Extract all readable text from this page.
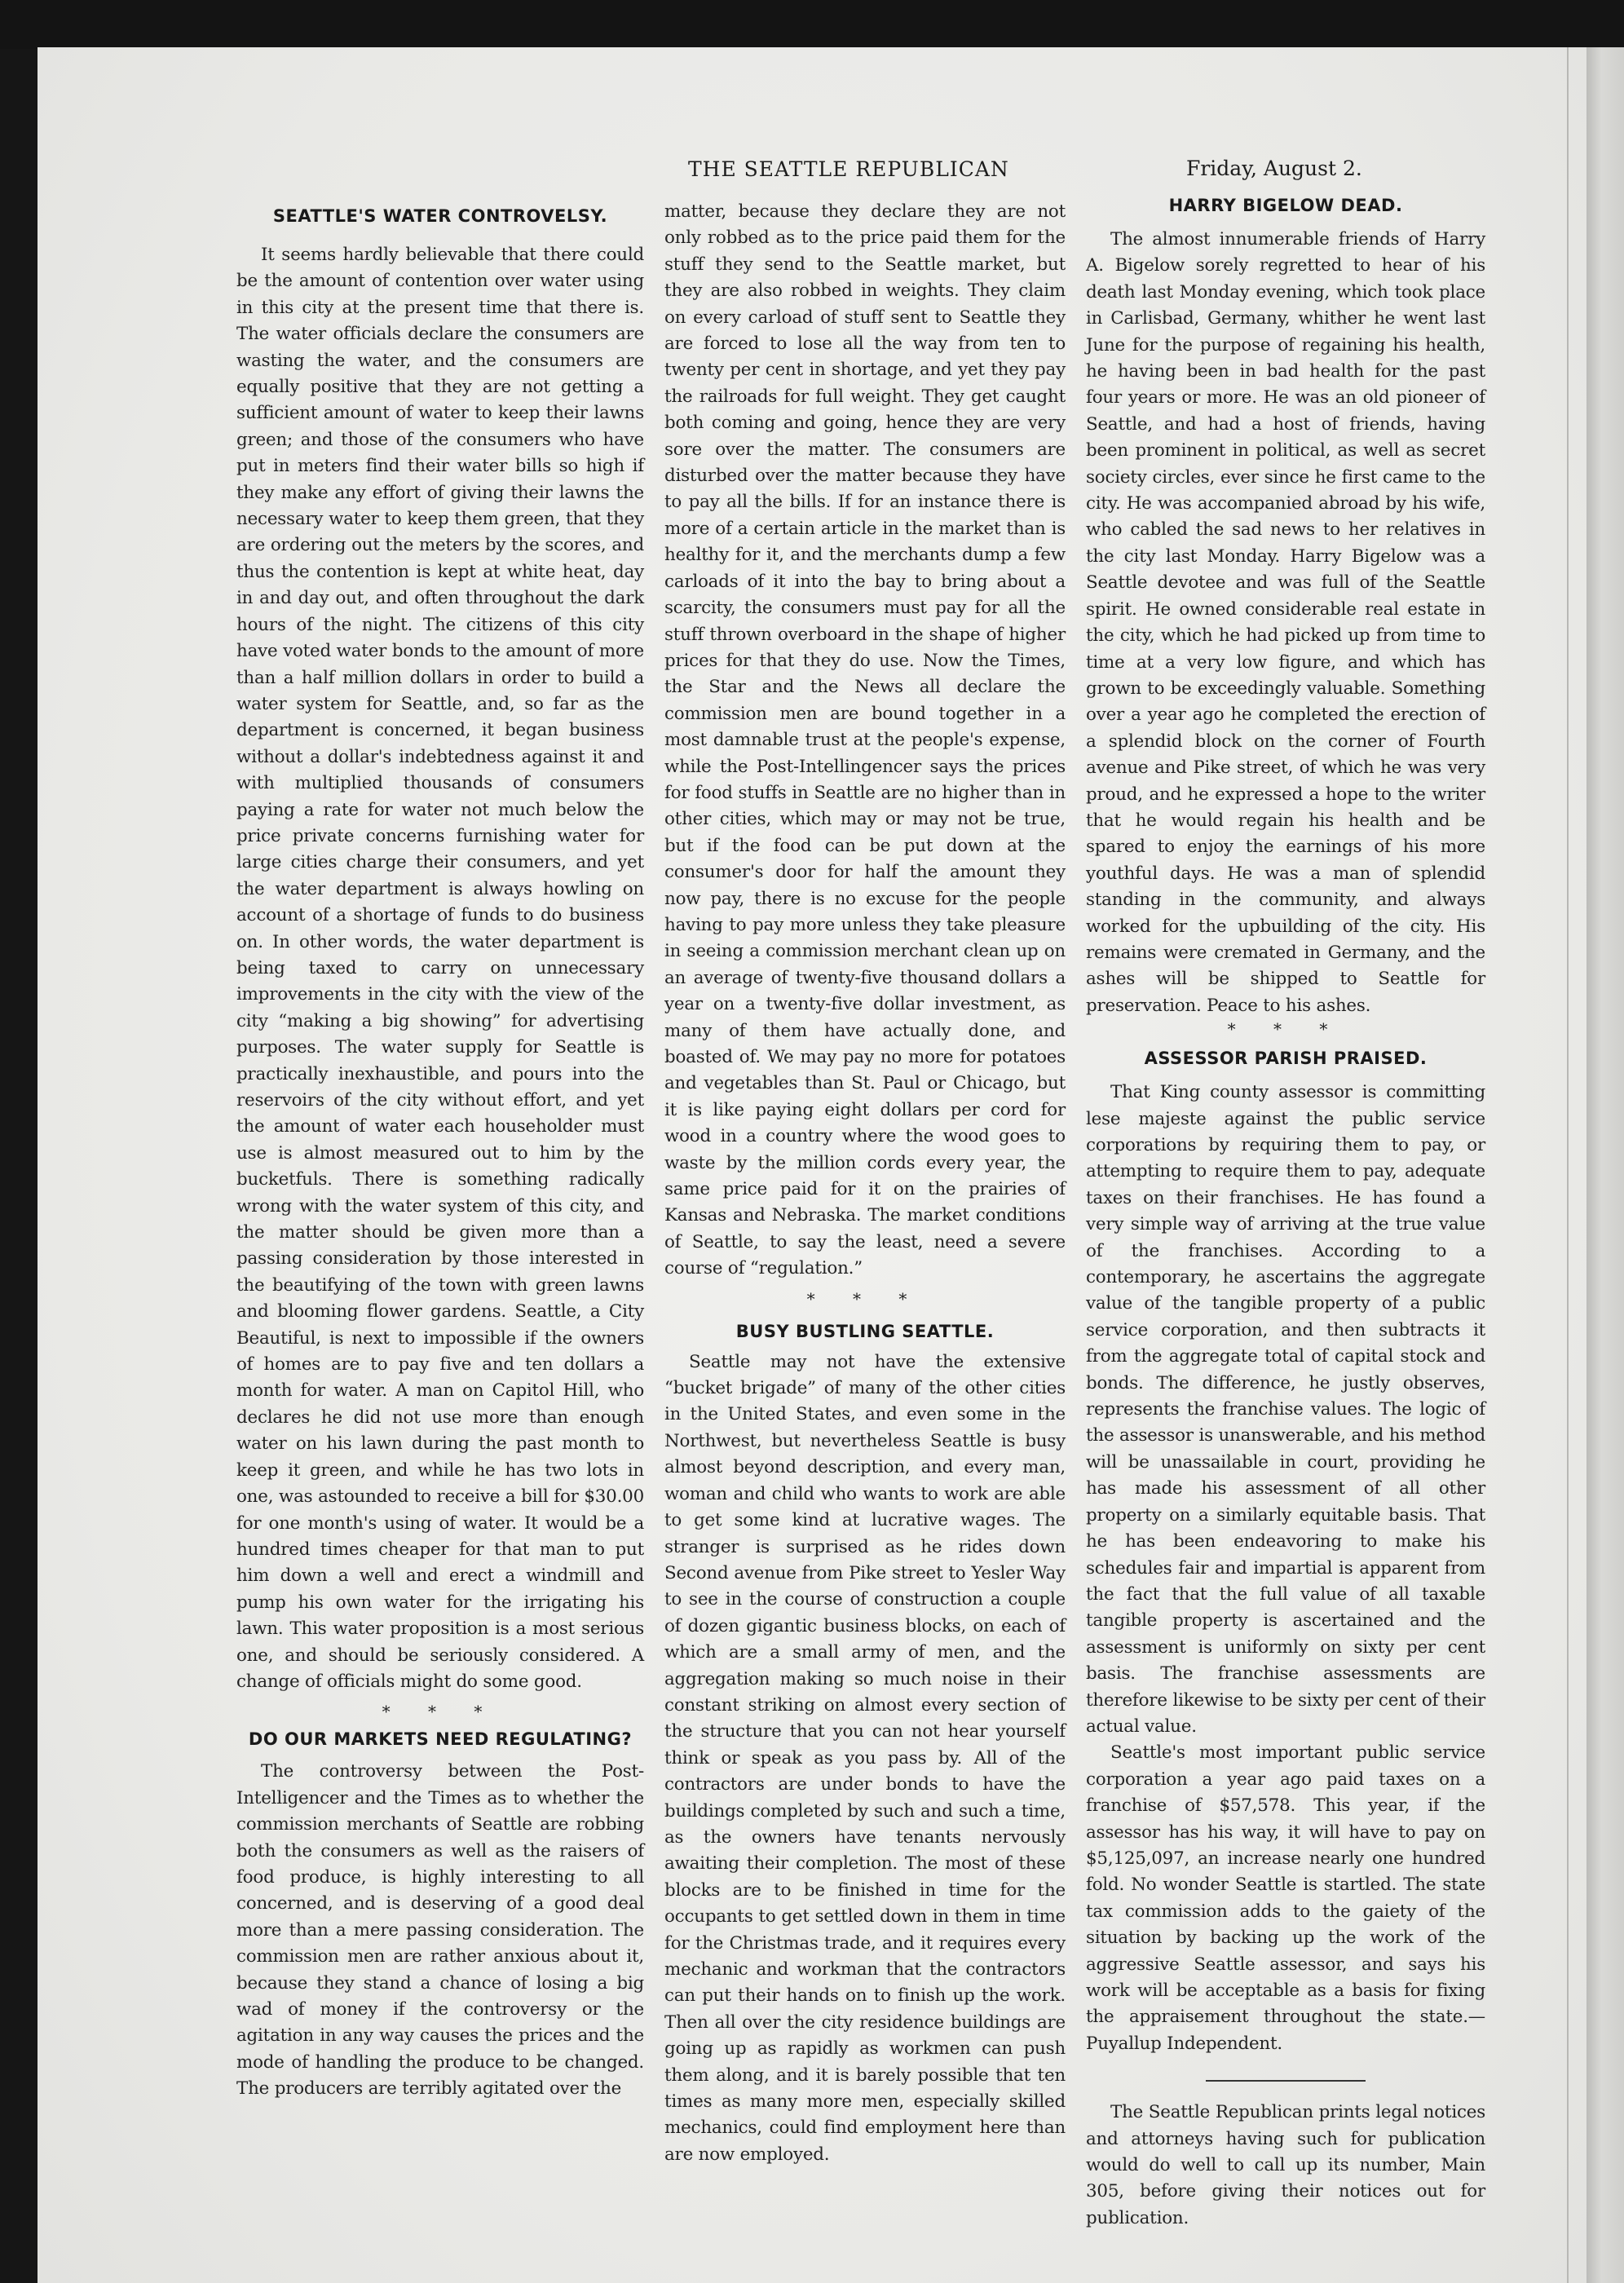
THE SEATTLE REPUBLICAN	Friday, August 2.
SEATTLE'S WATER CONTROVELSY.

It seems hardly believable that there could be the amount of contention over water using in this city at the present time that there is. The water officials declare the consumers are wasting the water, and the consumers are equally positive that they are not getting a sufficient amount of water to keep their lawns green; and those of the consumers who have put in meters find their water bills so high if they make any effort of giving their lawns the necessary water to keep them green, that they are ordering out the meters by the scores, and thus the contention is kept at white heat, day in and day out, and often throughout the dark hours of the night. The citizens of this city have voted water bonds to the amount of more than a half million dollars in order to build a water system for Seattle, and, so far as the department is concerned, it began business without a dollar's indebtedness against it and with multiplied thousands of consumers paying a rate for water not much below the price private concerns furnishing water for large cities charge their consumers, and yet the water department is always howling on account of a shortage of funds to do business on. In other words, the water department is being taxed to carry on unnecessary improvements in the city with the view of the city “making a big showing” for advertising purposes. The water supply for Seattle is practically inexhaustible, and pours into the reservoirs of the city without effort, and yet the amount of water each householder must use is almost measured out to him by the bucketfuls. There is something radically wrong with the water system of this city, and the matter should be given more than a passing consideration by those interested in the beautifying of the town with green lawns and blooming flower gardens. Seattle, a City Beautiful, is next to impossible if the owners of homes are to pay five and ten dollars a month for water. A man on Capitol Hill, who declares he did not use more than enough water on his lawn during the past month to keep it green, and while he has two lots in one, was astounded to receive a bill for $30.00 for one month's using of water. It would be a hundred times cheaper for that man to put him down a well and erect a windmill and pump his own water for the irrigating his lawn. This water proposition is a most serious one, and should be seriously considered. A change of officials might do some good.

* * *
DO OUR MARKETS NEED REGULATING?

The controversy between the Post-Intelligencer and the Times as to whether the commission merchants of Seattle are robbing both the consumers as well as the raisers of food produce, is highly interesting to all concerned, and is deserving of a good deal more than a mere passing consideration. The commission men are rather anxious about it, because they stand a chance of losing a big wad of money if the controversy or the agitation in any way causes the prices and the mode of handling the produce to be changed. The producers are terribly agitated over the

matter, because they declare they are not only robbed as to the price paid them for the stuff they send to the Seattle market, but they are also robbed in weights. They claim on every carload of stuff sent to Seattle they are forced to lose all the way from ten to twenty per cent in shortage, and yet they pay the railroads for full weight. They get caught both coming and going, hence they are very sore over the matter. The consumers are disturbed over the matter because they have to pay all the bills. If for an instance there is more of a certain article in the market than is healthy for it, and the merchants dump a few carloads of it into the bay to bring about a scarcity, the consumers must pay for all the stuff thrown overboard in the shape of higher prices for that they do use. Now the Times, the Star and the News all declare the commission men are bound together in a most damnable trust at the people's expense, while the Post-Intellingencer says the prices for food stuffs in Seattle are no higher than in other cities, which may or may not be true, but if the food can be put down at the consumer's door for half the amount they now pay, there is no excuse for the people having to pay more unless they take pleasure in seeing a commission merchant clean up on an average of twenty-five thousand dollars a year on a twenty-five dollar investment, as many of them have actually done, and boasted of. We may pay no more for potatoes and vegetables than St. Paul or Chicago, but it is like paying eight dollars per cord for wood in a country where the wood goes to waste by the million cords every year, the same price paid for it on the prairies of Kansas and Nebraska. The market conditions of Seattle, to say the least, need a severe course of “regulation.”

* * *
BUSY BUSTLING SEATTLE.

Seattle may not have the extensive “bucket brigade” of many of the other cities in the United States, and even some in the Northwest, but nevertheless Seattle is busy almost beyond description, and every man, woman and child who wants to work are able to get some kind at lucrative wages. The stranger is surprised as he rides down Second avenue from Pike street to Yesler Way to see in the course of construction a couple of dozen gigantic business blocks, on each of which are a small army of men, and the aggregation making so much noise in their constant striking on almost every section of the structure that you can not hear yourself think or speak as you pass by. All of the contractors are under bonds to have the buildings completed by such and such a time, as the owners have tenants nervously awaiting their completion. The most of these blocks are to be finished in time for the occupants to get settled down in them in time for the Christmas trade, and it requires every mechanic and workman that the contractors can put their hands on to finish up the work. Then all over the city residence buildings are going up as rapidly as workmen can push them along, and it is barely possible that ten times as many more men, especially skilled mechanics, could find employment here than are now employed.

HARRY BIGELOW DEAD.

The almost innumerable friends of Harry A. Bigelow sorely regretted to hear of his death last Monday evening, which took place in Carlisbad, Germany, whither he went last June for the purpose of regaining his health, he having been in bad health for the past four years or more. He was an old pioneer of Seattle, and had a host of friends, having been prominent in political, as well as secret society circles, ever since he first came to the city. He was accompanied abroad by his wife, who cabled the sad news to her relatives in the city last Monday. Harry Bigelow was a Seattle devotee and was full of the Seattle spirit. He owned considerable real estate in the city, which he had picked up from time to time at a very low figure, and which has grown to be exceedingly valuable. Something over a year ago he completed the erection of a splendid block on the corner of Fourth avenue and Pike street, of which he was very proud, and he expressed a hope to the writer that he would regain his health and be spared to enjoy the earnings of his more youthful days. He was a man of splendid standing in the community, and always worked for the upbuilding of the city. His remains were cremated in Germany, and the ashes will be shipped to Seattle for preservation. Peace to his ashes.

* * *
ASSESSOR PARISH PRAISED.

That King county assessor is committing lese majeste against the public service corporations by requiring them to pay, or attempting to require them to pay, adequate taxes on their franchises. He has found a very simple way of arriving at the true value of the franchises. According to a contemporary, he ascertains the aggregate value of the tangible property of a public service corporation, and then subtracts it from the aggregate total of capital stock and bonds. The difference, he justly observes, represents the franchise values. The logic of the assessor is unanswerable, and his method will be unassailable in court, providing he has made his assessment of all other property on a similarly equitable basis. That he has been endeavoring to make his schedules fair and impartial is apparent from the fact that the full value of all taxable tangible property is ascertained and the assessment is uniformly on sixty per cent basis. The franchise assessments are therefore likewise to be sixty per cent of their actual value.

Seattle's most important public service corporation a year ago paid taxes on a franchise of $57,578. This year, if the assessor has his way, it will have to pay on $5,125,097, an increase nearly one hundred fold. No wonder Seattle is startled. The state tax commission adds to the gaiety of the situation by backing up the work of the aggressive Seattle assessor, and says his work will be acceptable as a basis for fixing the appraisement throughout the state.—Puyallup Independent.

The Seattle Republican prints legal notices and attorneys having such for publication would do well to call up its number, Main 305, before giving their notices out for publication.
